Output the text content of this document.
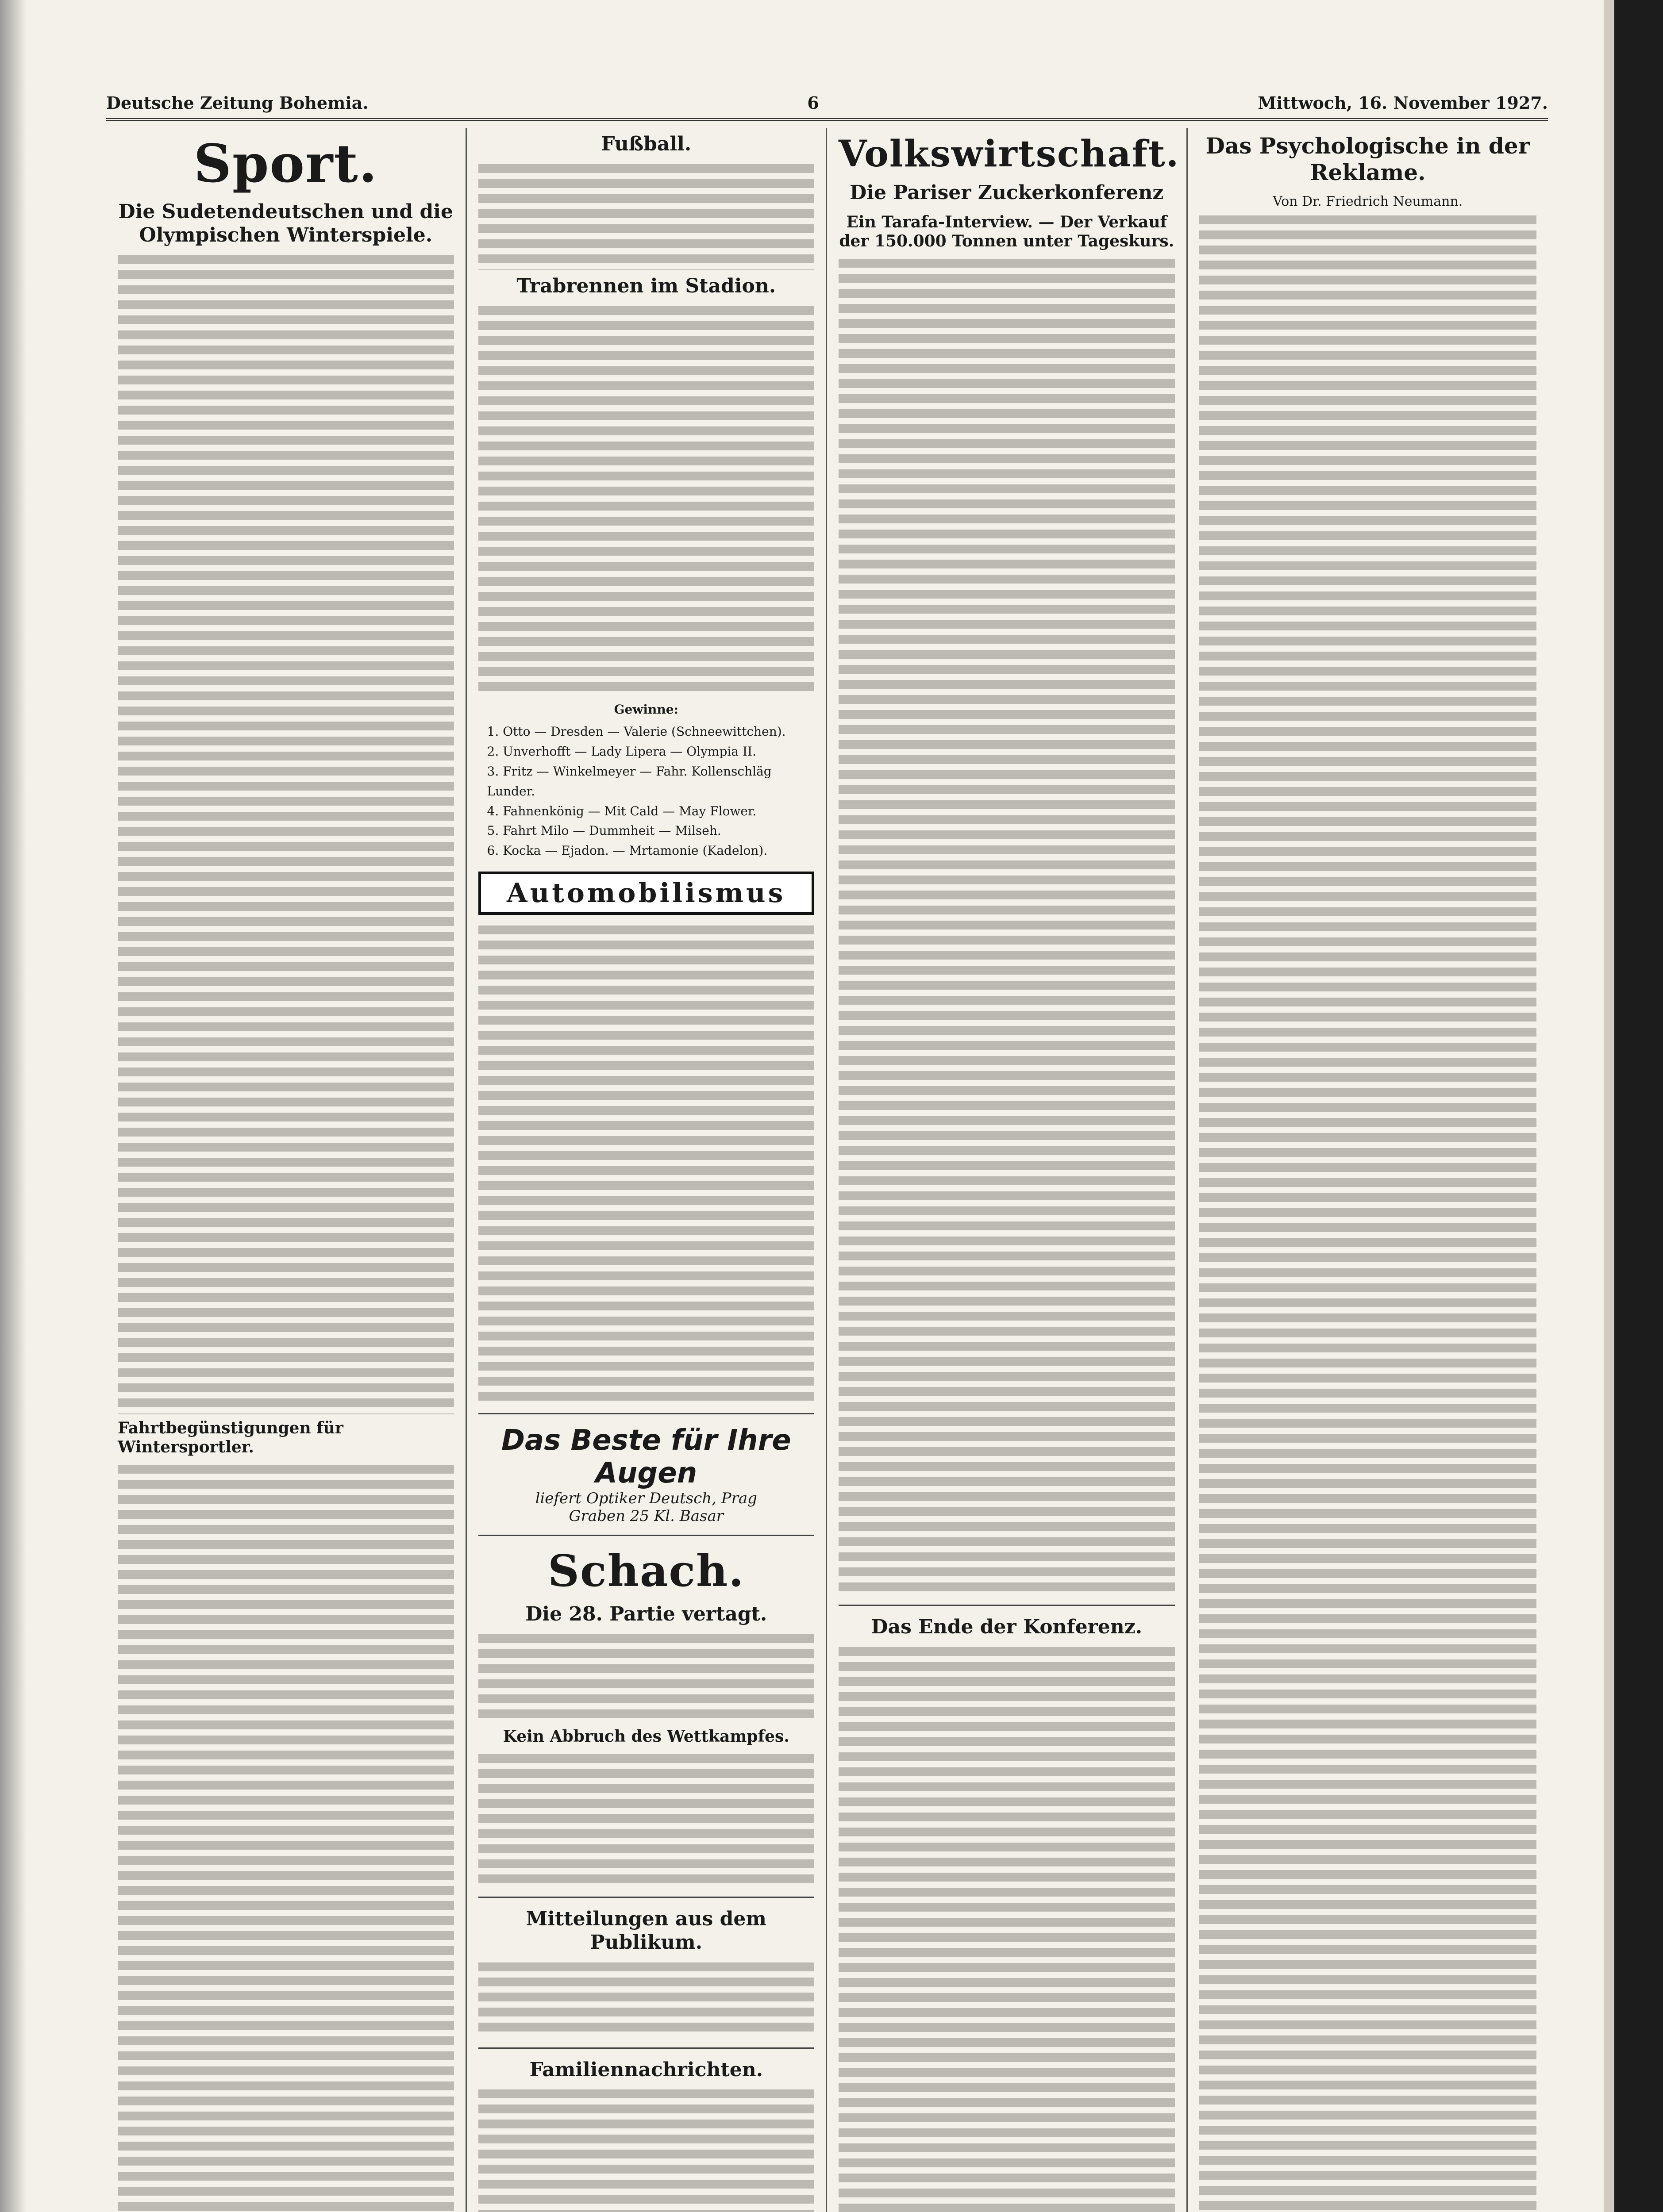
Deutsche Zeitung Bohemia.	6	Mittwoch, 16. November 1927.
Sport.
Die Sudetendeutschen und die Olympischen Winterspiele.
Fahrtbegünstigungen für Wintersportler.
Fußball.
Trabrennen im Stadion.
Gewinne:
1. Otto — Dresden — Valerie (Schneewittchen).
2. Unverhofft — Lady Lipera — Olympia II.
3. Fritz — Winkelmeyer — Fahr. Kollenschläg
Lunder.
4. Fahnenkönig — Mit Cald — May Flower.
5. Fahrt Milo — Dummheit — Milseh.
6. Kocka — Ejadon. — Mrtamonie (Kadelon).
Automobilismus
Das Beste für Ihre Augen
liefert Optiker Deutsch, Prag
Graben 25 Kl. Basar
Schach.
Die 28. Partie vertagt.
Kein Abbruch des Wettkampfes.
Mitteilungen aus dem Publikum.
Familiennachrichten.
Volkswirtschaft.
Die Pariser Zuckerkonferenz
Ein Tarafa-Interview. — Der Verkauf der 150.000 Tonnen unter Tageskurs.
Das Ende der Konferenz.
Das Psychologische in der Reklame.
Von Dr. Friedrich Neumann.
